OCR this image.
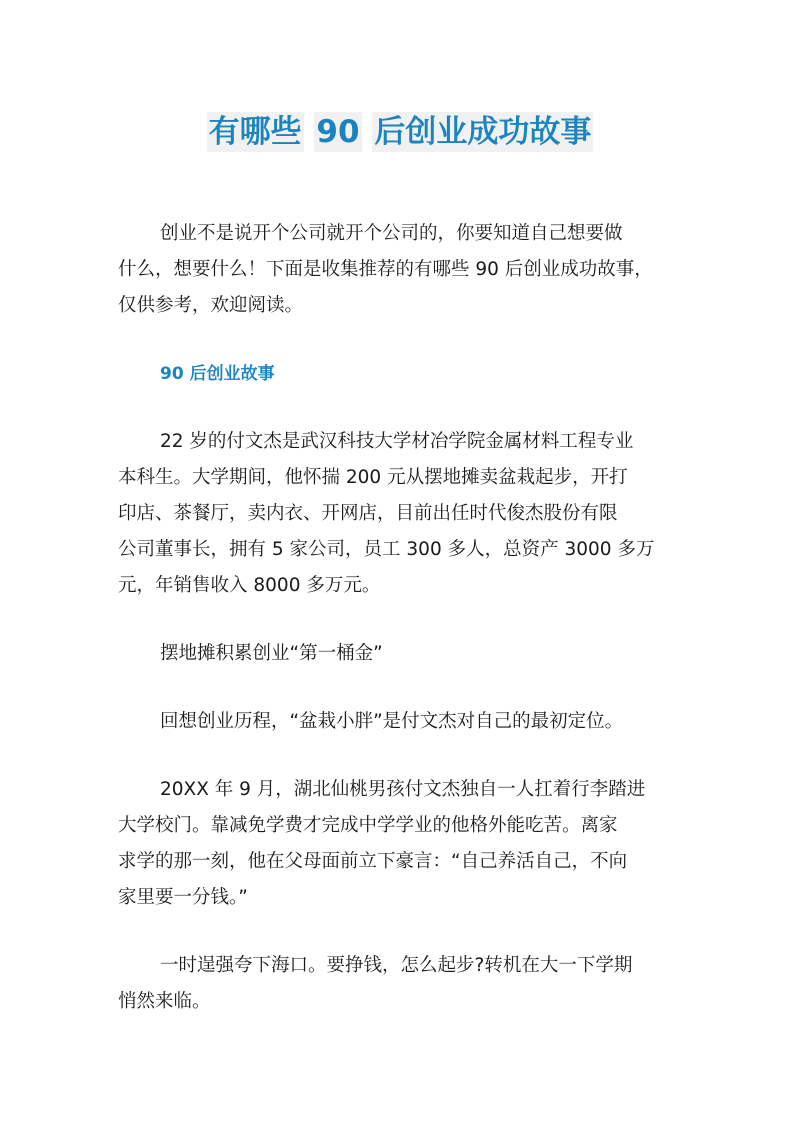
有哪些 90 后创业成功故事
创业不是说开个公司就开个公司的，你要知道自己想要做
什么，想要什么！下面是收集推荐的有哪些 90 后创业成功故事，
仅供参考，欢迎阅读。
90 后创业故事
22 岁的付文杰是武汉科技大学材冶学院金属材料工程专业
本科生。大学期间，他怀揣 200 元从摆地摊卖盆栽起步，开打
印店、茶餐厅，卖内衣、开网店，目前出任时代俊杰股份有限
公司董事长，拥有 5 家公司，员工 300 多人，总资产 3000 多万
元，年销售收入 8000 多万元。
摆地摊积累创业“第一桶金”
回想创业历程，“盆栽小胖”是付文杰对自己的最初定位。
20XX 年 9 月，湖北仙桃男孩付文杰独自一人扛着行李踏进
大学校门。靠减免学费才完成中学学业的他格外能吃苦。离家
求学的那一刻，他在父母面前立下豪言：“自己养活自己，不向
家里要一分钱。”
一时逞强夸下海口。要挣钱，怎么起步?转机在大一下学期
悄然来临。
